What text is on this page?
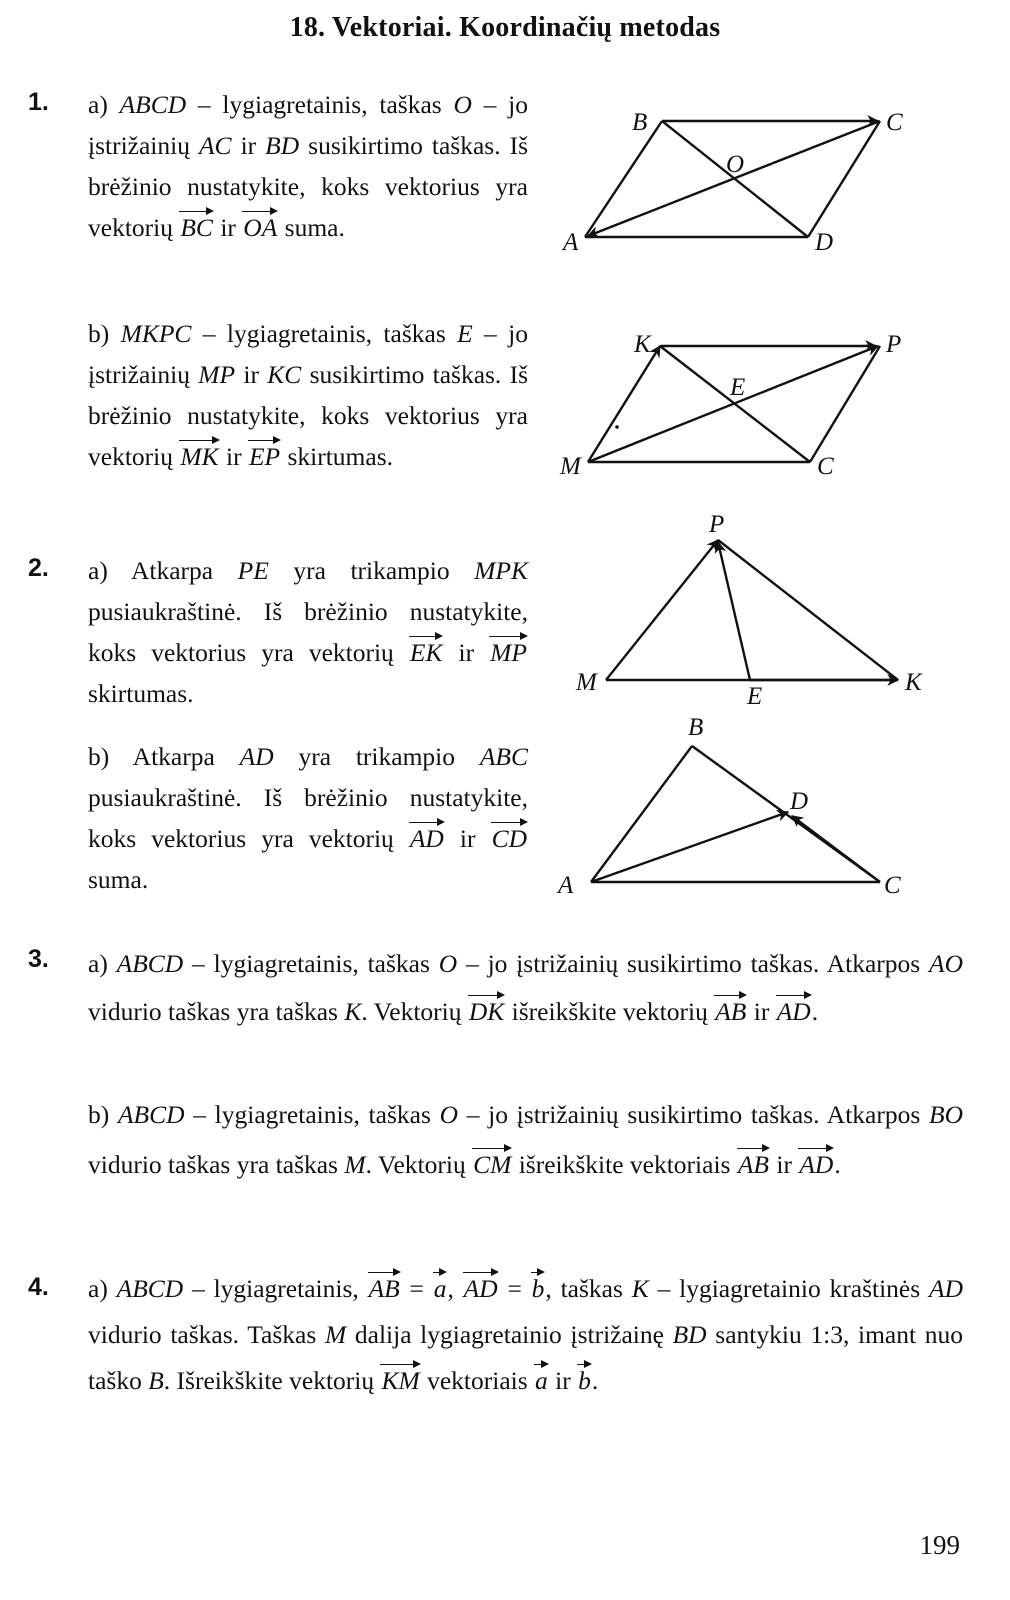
18. Vektoriai. Koordinačių metodas
1. a) ABCD – lygiagretainis, taškas O – jo įstrižainių AC ir BD susikirtimo taškas. Iš brėžinio nustatykite, koks vektorius yra vektorių BC ir OA suma.
b) MKPC – lygiagretainis, taškas E – jo įstrižainių MP ir KC susikirtimo taškas. Iš brėžinio nustatykite, koks vektorius yra vektorių MK ir EP skirtumas.
2. a) Atkarpa PE yra trikampio MPK pusiaukraštinė. Iš brėžinio nustatykite, koks vektorius yra vektorių EK ir MP skirtumas.
b) Atkarpa AD yra trikampio ABC pusiaukraštinė. Iš brėžinio nustatykite, koks vektorius yra vektorių AD ir CD suma.
3. a) ABCD – lygiagretainis, taškas O – jo įstrižainių susikirtimo taškas. Atkarpos AO vidurio taškas yra taškas K. Vektorių DK išreikškite vektorių AB ir AD.
b) ABCD – lygiagretainis, taškas O – jo įstrižainių susikirtimo taškas. Atkarpos BO vidurio taškas yra taškas M. Vektorių CM išreikškite vektoriais AB ir AD.
4. a) ABCD – lygiagretainis, AB = a, AD = b, taškas K – lygiagretainio kraštinės AD vidurio taškas. Taškas M dalija lygiagretainio įstrižainę BD santykiu 1:3, imant nuo taško B. Išreikškite vektorių KM vektoriais a ir b.
199
B	C
O
A	D
K	P
E
M	C
P
M
E
K
B
D
A	C
